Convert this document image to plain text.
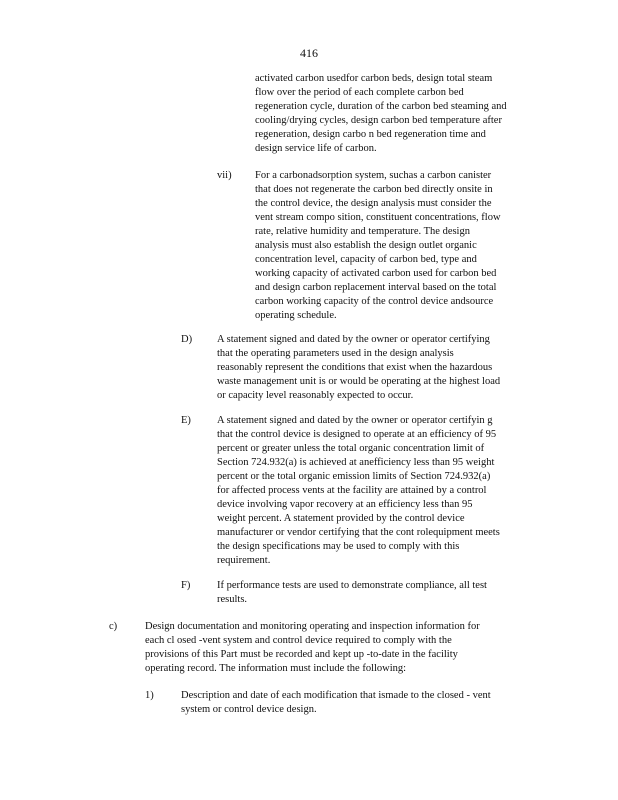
416
activated carbon usedfor carbon beds, design total steam
flow over the period of each complete carbon bed
regeneration cycle, duration of the carbon bed steaming and
cooling/drying cycles, design carbon bed temperature after
regeneration, design carbo n bed regeneration time and
design service life of carbon.
vii) For a carbonadsorption system, suchas a carbon canister
that does not regenerate the carbon bed directly onsite in
the control device, the design analysis must consider the
vent stream compo sition, constituent concentrations, flow
rate, relative humidity and temperature. The design
analysis must also establish the design outlet organic
concentration level, capacity of carbon bed, type and
working capacity of activated carbon used for carbon bed
and design carbon replacement interval based on the total
carbon working capacity of the control device andsource
operating schedule.
D) A statement signed and dated by the owner or operator certifying
that the operating parameters used in the design analysis
reasonably represent the conditions that exist when the hazardous
waste management unit is or would be operating at the highest load
or capacity level reasonably expected to occur.
E) A statement signed and dated by the owner or operator certifyin g
that the control device is designed to operate at an efficiency of 95
percent or greater unless the total organic concentration limit of
Section 724.932(a) is achieved at anefficiency less than 95 weight
percent or the total organic emission limits of Section 724.932(a)
for affected process vents at the facility are attained by a control
device involving vapor recovery at an efficiency less than 95
weight percent. A statement provided by the control device
manufacturer or vendor certifying that the cont rolequipment meets
the design specifications may be used to comply with this
requirement.
F)	If performance tests are used to demonstrate compliance, all test
results.
c)	Design documentation and monitoring operating and inspection information for
each cl osed -vent system and control device required to comply with the
provisions of this Part must be recorded and kept up -to-date in the facility
operating record. The information must include the following:
1)	Description and date of each modification that ismade to the closed - vent
system or control device design.
